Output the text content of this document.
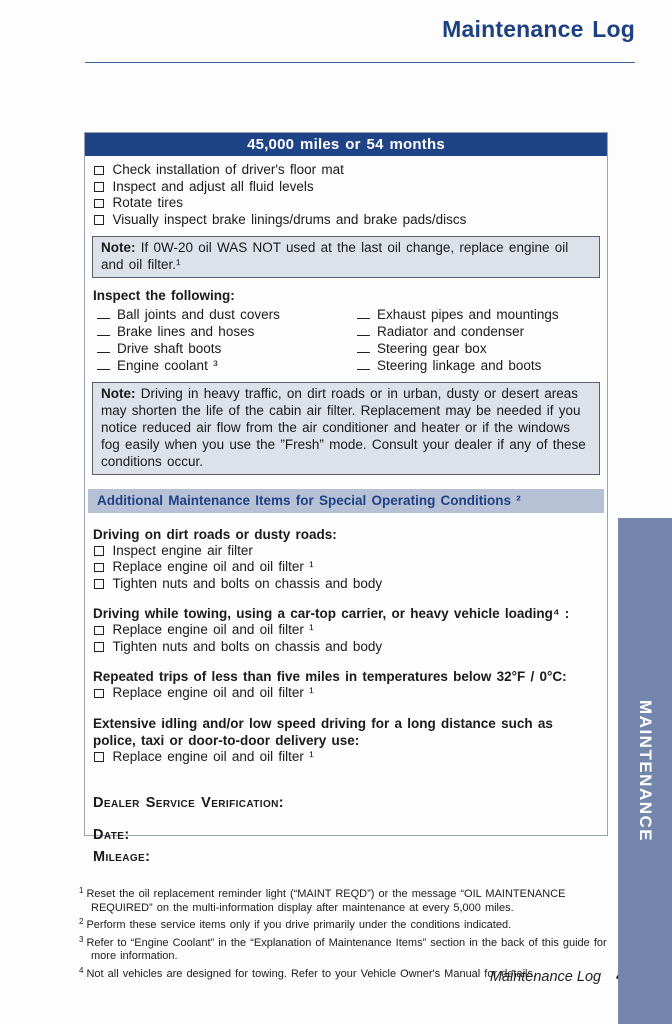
Maintenance Log
45,000 miles or 54 months
Check installation of driver's floor mat
Inspect and adjust all fluid levels
Rotate tires
Visually inspect brake linings/drums and brake pads/discs
Note: If 0W-20 oil WAS NOT used at the last oil change, replace engine oil and oil filter.¹
Inspect the following:
Ball joints and dust covers
Brake lines and hoses
Drive shaft boots
Engine coolant ³
Exhaust pipes and mountings
Radiator and condenser
Steering gear box
Steering linkage and boots
Note: Driving in heavy traffic, on dirt roads or in urban, dusty or desert areas may shorten the life of the cabin air filter. Replacement may be needed if you notice reduced air flow from the air conditioner and heater or if the windows fog easily when you use the ”Fresh” mode. Consult your dealer if any of these conditions occur.
Additional Maintenance Items for Special Operating Conditions ²
Driving on dirt roads or dusty roads:
Inspect engine air filter
Replace engine oil and oil filter ¹
Tighten nuts and bolts on chassis and body
Driving while towing, using a car-top carrier, or heavy vehicle loading⁴ :
Replace engine oil and oil filter ¹
Tighten nuts and bolts on chassis and body
Repeated trips of less than five miles in temperatures below 32°F / 0°C:
Replace engine oil and oil filter ¹
Extensive idling and/or low speed driving for a long distance such as police, taxi or door-to-door delivery use:
Replace engine oil and oil filter ¹
Dealer Service Verification:
Date:
Mileage:
$^1$ Reset the oil replacement reminder light (“MAINT REQD”) or the message “OIL MAINTENANCE REQUIRED” on the multi-information display after maintenance at every 5,000 miles.
$^2$ Perform these service items only if you drive primarily under the conditions indicated.
$^3$ Refer to “Engine Coolant” in the “Explanation of Maintenance Items” section in the back of this guide for more information.
$^4$ Not all vehicles are designed for towing. Refer to your Vehicle Owner's Manual for details.
Maintenance Log
MAINTENANCE
